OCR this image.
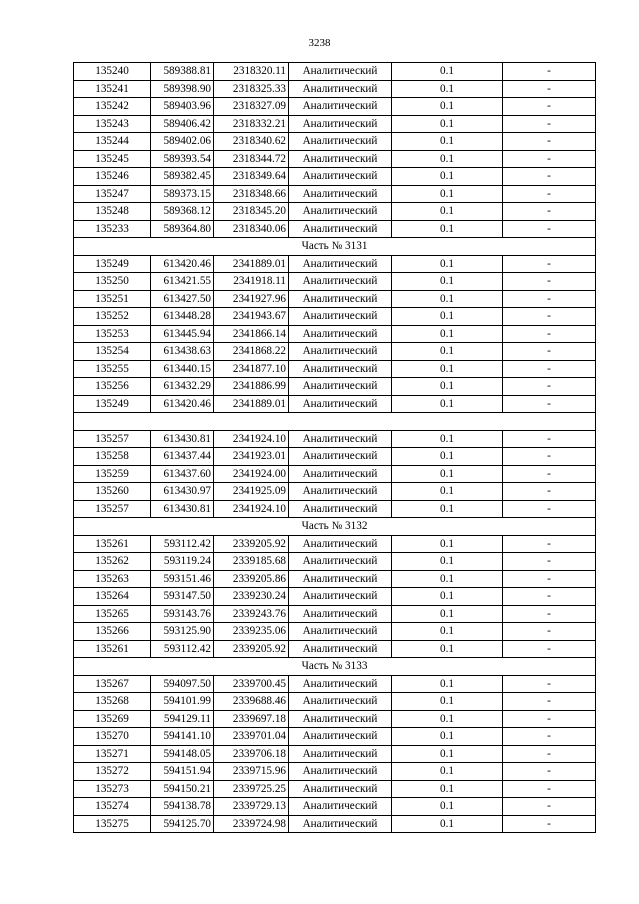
3238
135240	589388.81	2318320.11	Аналитический	0.1	-
135241	589398.90	2318325.33	Аналитический	0.1	-
135242	589403.96	2318327.09	Аналитический	0.1	-
135243	589406.42	2318332.21	Аналитический	0.1	-
135244	589402.06	2318340.62	Аналитический	0.1	-
135245	589393.54	2318344.72	Аналитический	0.1	-
135246	589382.45	2318349.64	Аналитический	0.1	-
135247	589373.15	2318348.66	Аналитический	0.1	-
135248	589368.12	2318345.20	Аналитический	0.1	-
135233	589364.80	2318340.06	Аналитический	0.1	-
Часть № 3131					
135249	613420.46	2341889.01	Аналитический	0.1	-
135250	613421.55	2341918.11	Аналитический	0.1	-
135251	613427.50	2341927.96	Аналитический	0.1	-
135252	613448.28	2341943.67	Аналитический	0.1	-
135253	613445.94	2341866.14	Аналитический	0.1	-
135254	613438.63	2341868.22	Аналитический	0.1	-
135255	613440.15	2341877.10	Аналитический	0.1	-
135256	613432.29	2341886.99	Аналитический	0.1	-
135249	613420.46	2341889.01	Аналитический	0.1	-

135257	613430.81	2341924.10	Аналитический	0.1	-
135258	613437.44	2341923.01	Аналитический	0.1	-
135259	613437.60	2341924.00	Аналитический	0.1	-
135260	613430.97	2341925.09	Аналитический	0.1	-
135257	613430.81	2341924.10	Аналитический	0.1	-
Часть № 3132					
135261	593112.42	2339205.92	Аналитический	0.1	-
135262	593119.24	2339185.68	Аналитический	0.1	-
135263	593151.46	2339205.86	Аналитический	0.1	-
135264	593147.50	2339230.24	Аналитический	0.1	-
135265	593143.76	2339243.76	Аналитический	0.1	-
135266	593125.90	2339235.06	Аналитический	0.1	-
135261	593112.42	2339205.92	Аналитический	0.1	-
Часть № 3133					
135267	594097.50	2339700.45	Аналитический	0.1	-
135268	594101.99	2339688.46	Аналитический	0.1	-
135269	594129.11	2339697.18	Аналитический	0.1	-
135270	594141.10	2339701.04	Аналитический	0.1	-
135271	594148.05	2339706.18	Аналитический	0.1	-
135272	594151.94	2339715.96	Аналитический	0.1	-
135273	594150.21	2339725.25	Аналитический	0.1	-
135274	594138.78	2339729.13	Аналитический	0.1	-
135275	594125.70	2339724.98	Аналитический	0.1	-
